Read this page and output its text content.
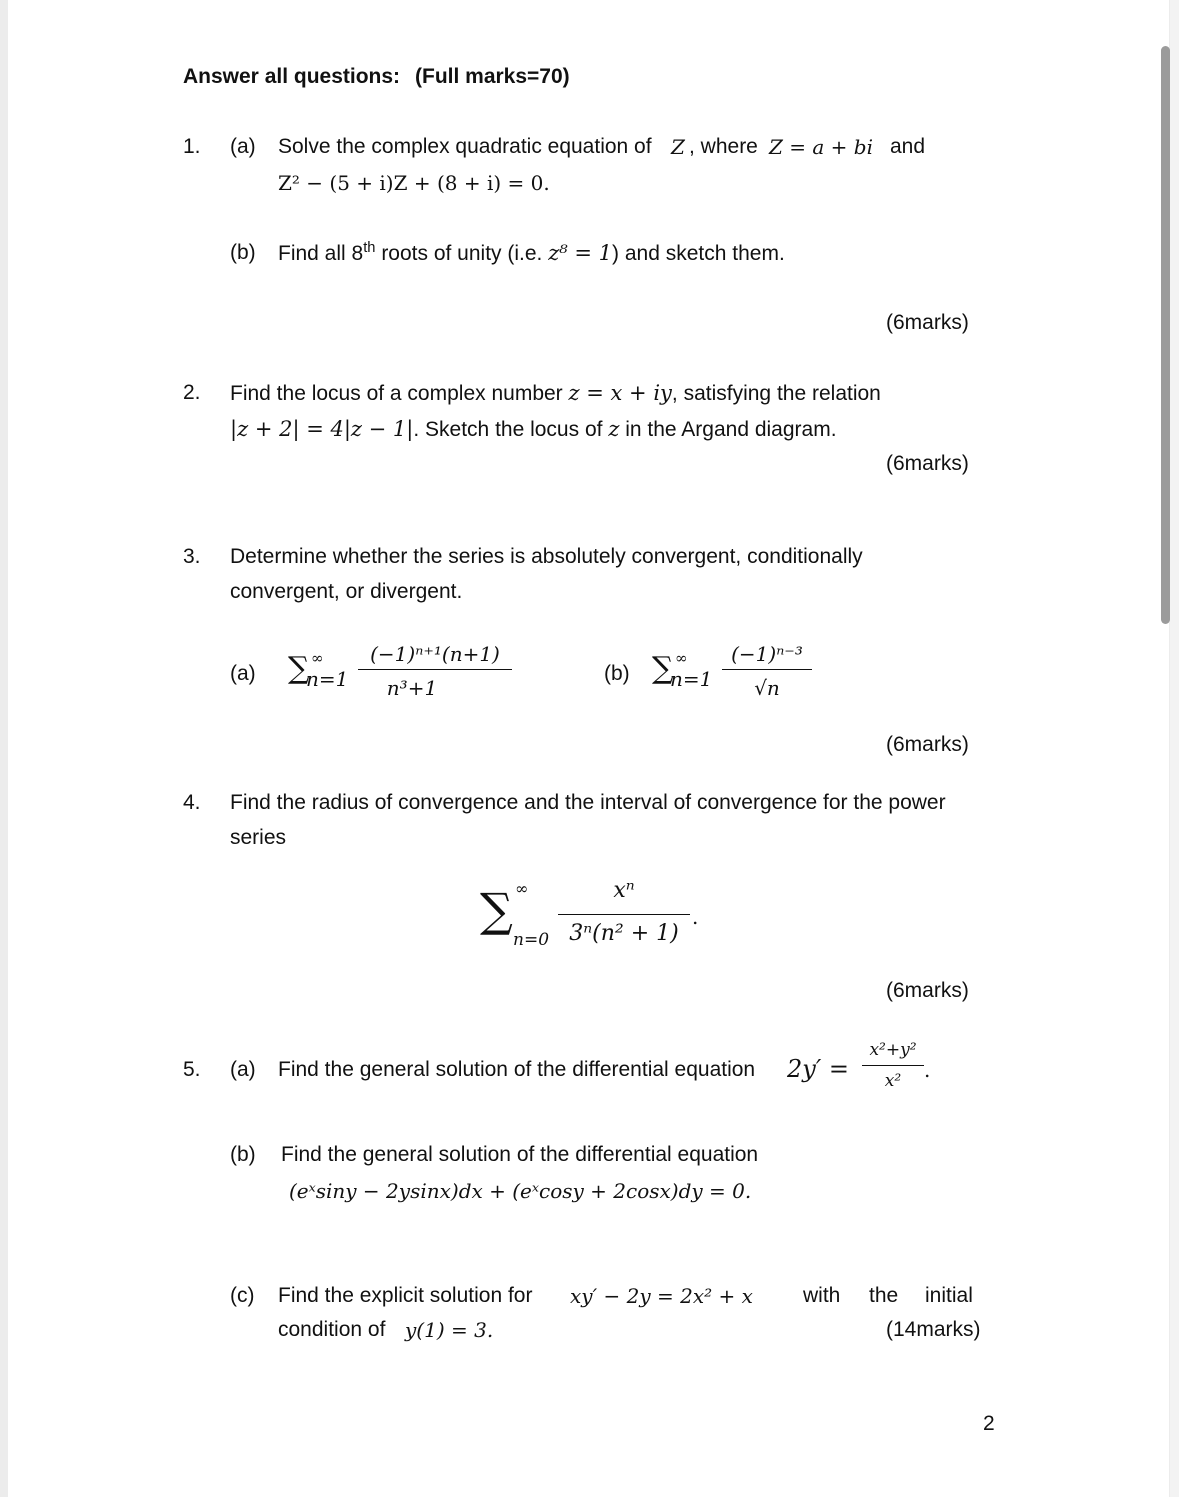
Answer all questions: (Full marks=70)
1. (a) Solve the complex quadratic equation of Z , where Z = a + bi and
Z² − (5 + i)Z + (8 + i) = 0.
(b) Find all 8th roots of unity (i.e. z⁸ = 1) and sketch them.
(6marks)
2. Find the locus of a complex number z = x + iy, satisfying the relation
|z + 2| = 4|z − 1|. Sketch the locus of z in the Argand diagram.
(6marks)
3. Determine whether the series is absolutely convergent, conditionally
convergent, or divergent.
(a) ∑ ∞
n=1
(−1)ⁿ⁺¹(n+1)
n³+1
(b) ∑ ∞
n=1
(−1)ⁿ⁻³
√n
(6marks)
4. Find the radius of convergence and the interval of convergence for the power
series
∑ ∞
n=0
xⁿ
3ⁿ(n² + 1)
.
(6marks)
5. (a) Find the general solution of the differential equation 2y′ =
x²+y²
x²	.
(b) Find the general solution of the differential equation
(eˣsiny − 2ysinx)dx + (eˣcosy + 2cosx)dy = 0.
(c) Find the explicit solution for xy′ − 2y = 2x² + x with the initial
condition of y(1) = 3.	(14marks)
2
